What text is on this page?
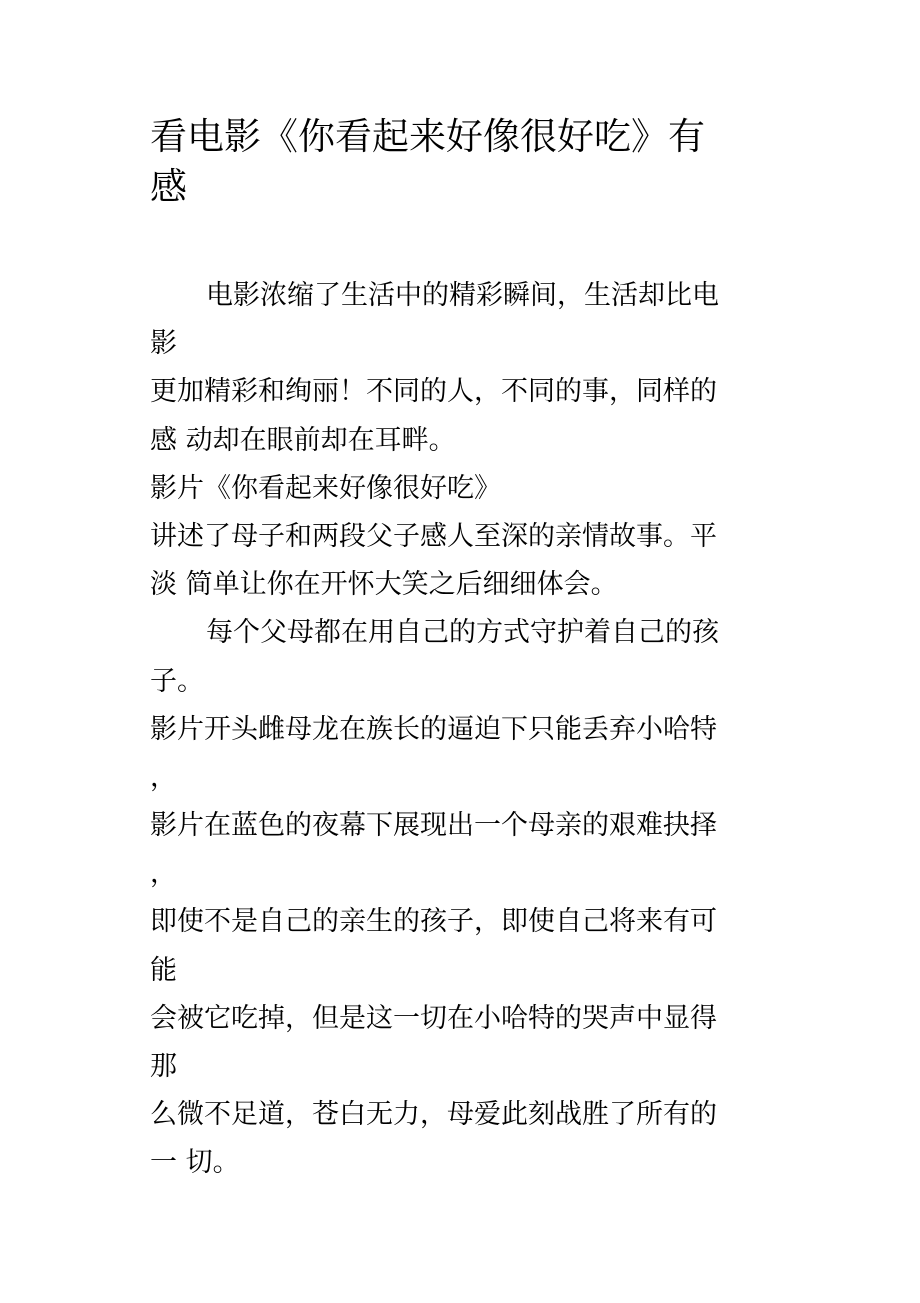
看电影《你看起来好像很好吃》有
感
电影浓缩了生活中的精彩瞬间，生活却比电
影
更加精彩和绚丽！不同的人，不同的事，同样的
感 动却在眼前却在耳畔。
影片《你看起来好像很好吃》
讲述了母子和两段父子感人至深的亲情故事。平
淡 简单让你在开怀大笑之后细细体会。
每个父母都在用自己的方式守护着自己的孩
子。
影片开头雌母龙在族长的逼迫下只能丢弃小哈特
，
影片在蓝色的夜幕下展现出一个母亲的艰难抉择
，
即使不是自己的亲生的孩子，即使自己将来有可
能
会被它吃掉，但是这一切在小哈特的哭声中显得
那
么微不足道，苍白无力，母爱此刻战胜了所有的
一 切。
